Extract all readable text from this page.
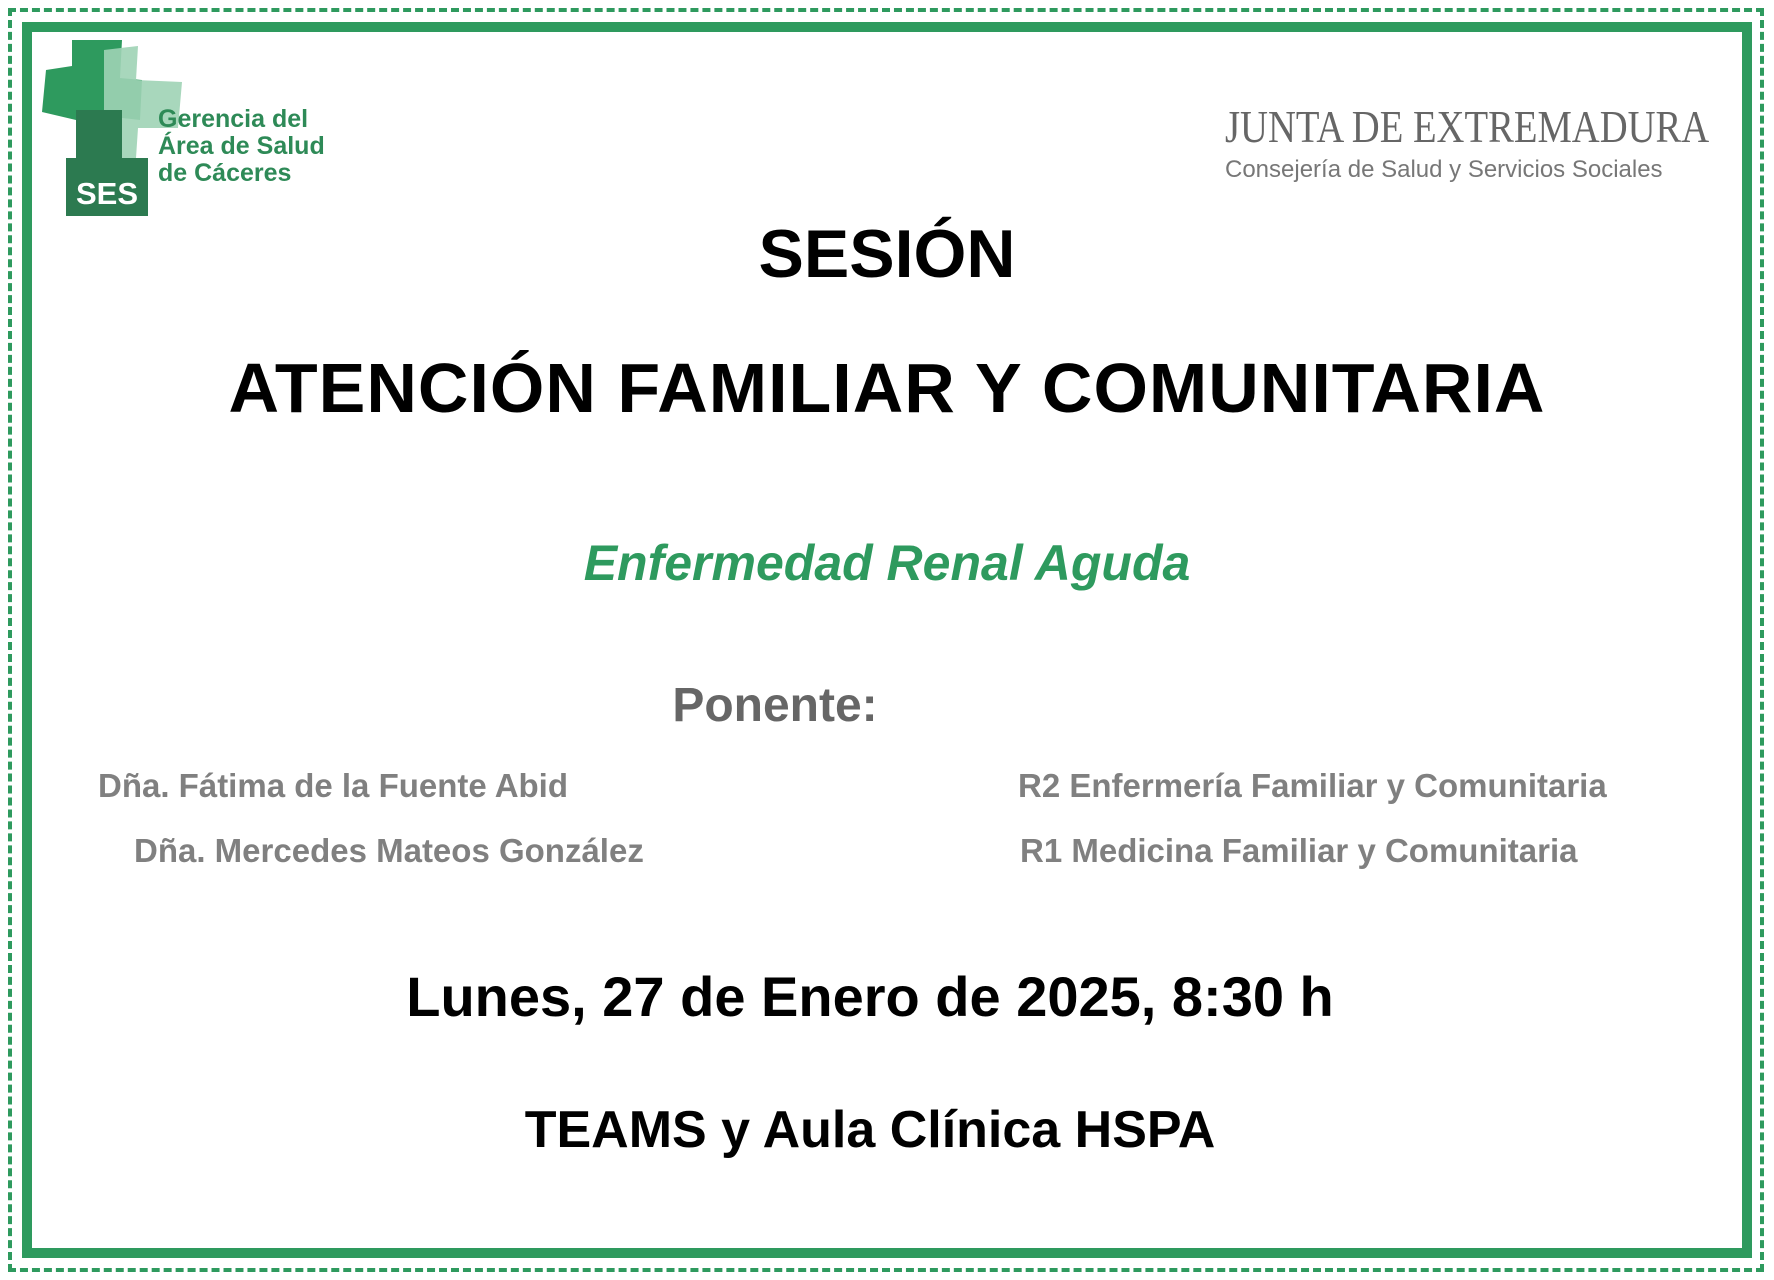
SES
Gerencia del
Área de Salud
de Cáceres
JUNTA DE EXTREMADURA
Consejería de Salud y Servicios Sociales
SESIÓN
ATENCIÓN FAMILIAR Y COMUNITARIA
Enfermedad Renal Aguda
Ponente:
Dña. Fátima de la Fuente Abid	R2 Enfermería Familiar y Comunitaria
Dña. Mercedes Mateos González	R1 Medicina Familiar y Comunitaria
Lunes, 27 de Enero de 2025, 8:30 h
TEAMS y Aula Clínica HSPA
